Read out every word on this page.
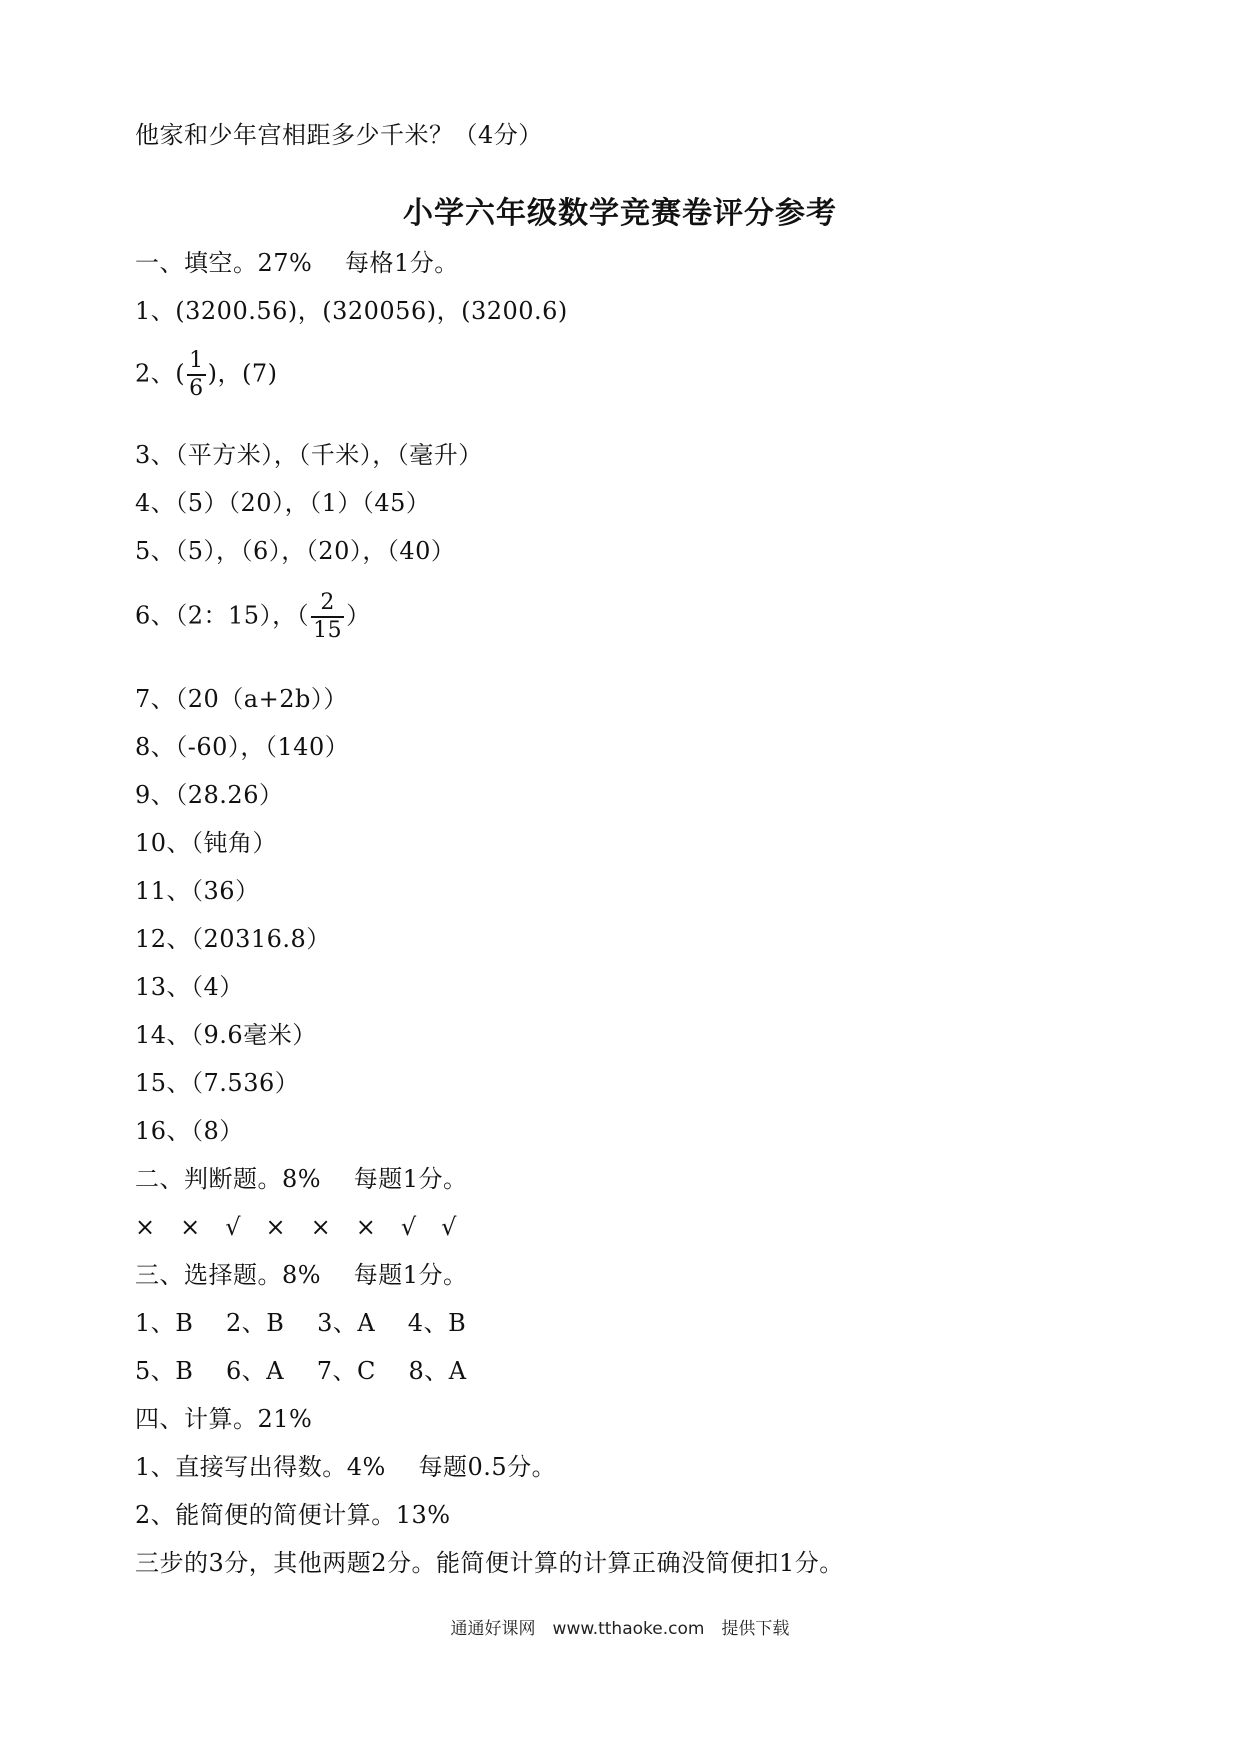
他家和少年宫相距多少千米？（4分）
小学六年级数学竞赛卷评分参考
一、填空。27%　 每格1分。
1、(3200.56)，(320056)，(3200.6)
2、( $\frac{1}{6}$ )，(7)
3、（平方米），（千米），（毫升）
4、（5）（20），（1）（45）
5、（5），（6），（20），（40）
6、（2：15），（ $\frac{2}{15}$ ）
7、（20（a+2b））
8、（-60），（140）
9、（28.26）
10、（钝角）
11、（36）
12、（20316.8）
13、（4）
14、（9.6毫米）
15、（7.536）
16、（8）
二、判断题。8%　 每题1分。
×　×　√　×　×　×　√　√
三、选择题。8%　 每题1分。
1、B　 2、B　 3、A　 4、B
5、B　 6、A　 7、C　 8、A
四、计算。21%
1、直接写出得数。4%　 每题0.5分。
2、能简便的简便计算。13%
三步的3分，其他两题2分。能简便计算的计算正确没简便扣1分。
通通好课网　www.tthaoke.com　提供下载
